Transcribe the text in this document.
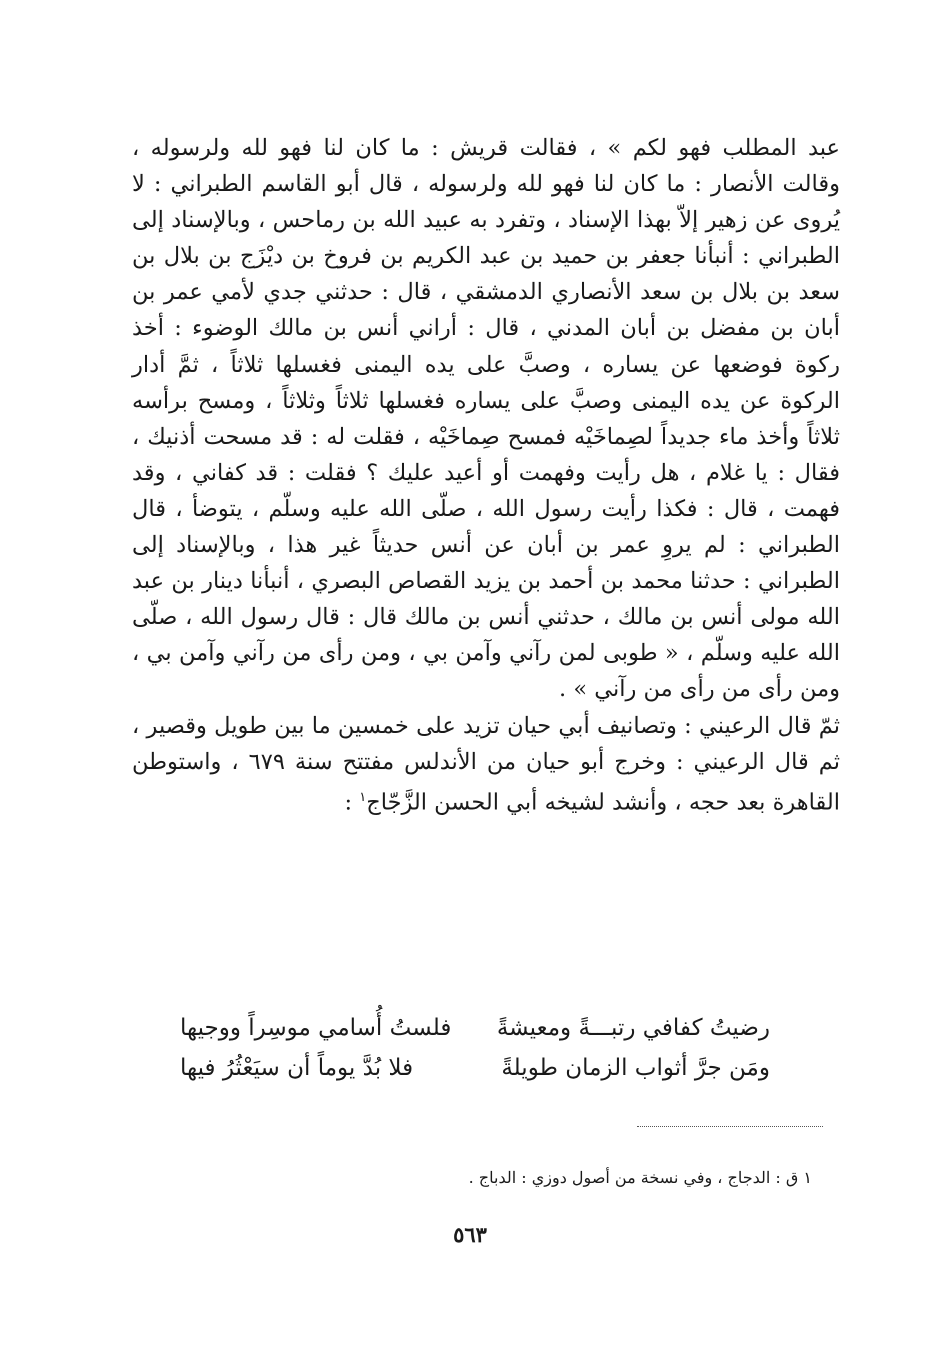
عبد المطلب فهو لكم » ، فقالت قريش : ما كان لنا فهو لله ولرسوله ، وقالت الأنصار : ما كان لنا فهو لله ولرسوله ، قال أبو القاسم الطبراني : لا يُروى عن زهير إلاّ بهذا الإسناد ، وتفرد به عبيد الله بن رماحس ، وبالإسناد إلى الطبراني : أنبأنا جعفر بن حميد بن عبد الكريم بن فروخ بن ديْزَج بن بلال بن سعد بن بلال بن سعد الأنصاري الدمشقي ، قال : حدثني جدي لأمي عمر بن أبان بن مفضل بن أبان المدني ، قال : أراني أنس بن مالك الوضوء : أخذ ركوة فوضعها عن يساره ، وصبَّ على يده اليمنى فغسلها ثلاثاً ، ثمَّ أدار الركوة عن يده اليمنى وصبَّ على يساره فغسلها ثلاثاً وثلاثاً ، ومسح برأسه ثلاثاً وأخذ ماء جديداً لصِماخَيْه فمسح صِماخَيْه ، فقلت له : قد مسحت أذنيك ، فقال : يا غلام ، هل رأيت وفهمت أو أعيد عليك ؟ فقلت : قد كفاني ، وقد فهمت ، قال : فكذا رأيت رسول الله ، صلّى الله عليه وسلّم ، يتوضأ ، قال الطبراني : لم يروِ عمر بن أبان عن أنس حديثاً غير هذا ، وبالإسناد إلى الطبراني : حدثنا محمد بن أحمد بن يزيد القصاص البصري ، أنبأنا دينار بن عبد الله مولى أنس بن مالك ، حدثني أنس بن مالك قال : قال رسول الله ، صلّى الله عليه وسلّم ، « طوبى لمن رآني وآمن بي ، ومن رأى من رآني وآمن بي ، ومن رأى من رأى من رآني » .

ثمّ قال الرعيني : وتصانيف أبي حيان تزيد على خمسين ما بين طويل وقصير ، ثم قال الرعيني : وخرج أبو حيان من الأندلس مفتتح سنة ٦٧٩ ، واستوطن القاهرة بعد حجه ، وأنشد لشيخه أبي الحسن الزَّجّاج$^١$ :

رضيتُ كفافي رتبـــةً ومعيشةً
فلستُ أُسامي موسِراً ووجيها
ومَن جرَّ أثواب الزمان طويلةً
فلا بُدَّ يوماً أن سيَعْثُرُ فيها
١ ق : الدجاج ، وفي نسخة من أصول دوزي : الدباج .
٥٦٣
